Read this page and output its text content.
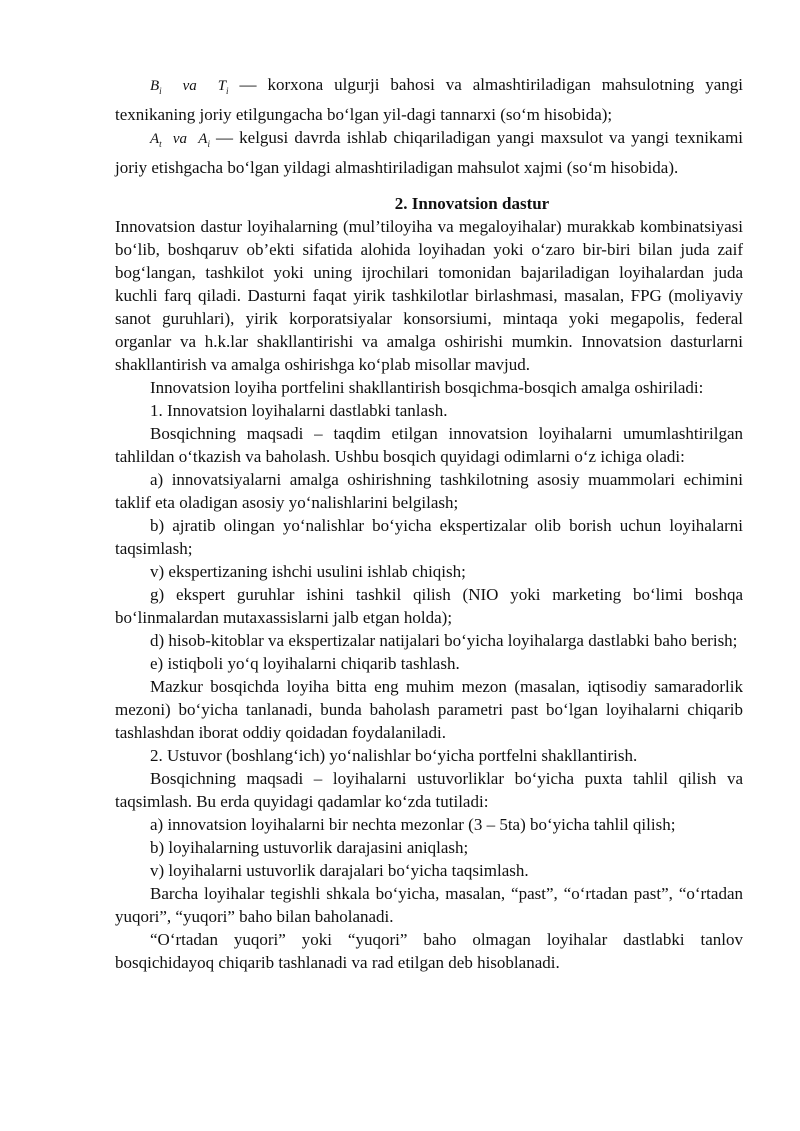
$B_i$ va $T_i$ — korxona ulgurji bahosi va almashtiriladigan mahsulotning yangi texnikaning joriy etilgungacha bo‘lgan yil-dagi tannarxi (so‘m hisobida);

$A_t$ va $A_i$ — kelgusi davrda ishlab chiqariladigan yangi maxsulot va yangi texnikami joriy etishgacha bo‘lgan yildagi almashtiriladigan mahsulot xajmi (so‘m hisobida).

2. Innovatsion dastur

Innovatsion dastur loyihalarning (mul’tiloyiha va megaloyihalar) murakkab kombinatsiyasi bo‘lib, boshqaruv ob’ekti sifatida alohida loyihadan yoki o‘zaro bir-biri bilan juda zaif bog‘langan, tashkilot yoki uning ijrochilari tomonidan bajariladigan loyihalardan juda kuchli farq qiladi. Dasturni faqat yirik tashkilotlar birlashmasi, masalan, FPG (moliyaviy sanot guruhlari), yirik korporatsiyalar konsorsiumi, mintaqa yoki megapolis, federal organlar va h.k.lar shakllantirishi va amalga oshirishi mumkin. Innovatsion dasturlarni shakllantirish va amalga oshirishga ko‘plab misollar mavjud.

Innovatsion loyiha portfelini shakllantirish bosqichma-bosqich amalga oshiriladi:

1. Innovatsion loyihalarni dastlabki tanlash.

Bosqichning maqsadi – taqdim etilgan innovatsion loyihalarni umumlashtirilgan tahlildan o‘tkazish va baholash. Ushbu bosqich quyidagi odimlarni o‘z ichiga oladi:

a) innovatsiyalarni amalga oshirishning tashkilotning asosiy muammolari echimini taklif eta oladigan asosiy yo‘nalishlarini belgilash;

b) ajratib olingan yo‘nalishlar bo‘yicha ekspertizalar olib borish uchun loyihalarni taqsimlash;

v) ekspertizaning ishchi usulini ishlab chiqish;

g) ekspert guruhlar ishini tashkil qilish (NIO yoki marketing bo‘limi boshqa bo‘linmalardan mutaxassislarni jalb etgan holda);

d) hisob-kitoblar va ekspertizalar natijalari bo‘yicha loyihalarga dastlabki baho berish;

e) istiqboli yo‘q loyihalarni chiqarib tashlash.

Mazkur bosqichda loyiha bitta eng muhim mezon (masalan, iqtisodiy samaradorlik mezoni) bo‘yicha tanlanadi, bunda baholash parametri past bo‘lgan loyihalarni chiqarib tashlashdan iborat oddiy qoidadan foydalaniladi.

2. Ustuvor (boshlang‘ich) yo‘nalishlar bo‘yicha portfelni shakllantirish.

Bosqichning maqsadi – loyihalarni ustuvorliklar bo‘yicha puxta tahlil qilish va taqsimlash. Bu erda quyidagi qadamlar ko‘zda tutiladi:

a) innovatsion loyihalarni bir nechta mezonlar (3 – 5ta) bo‘yicha tahlil qilish;

b) loyihalarning ustuvorlik darajasini aniqlash;

v) loyihalarni ustuvorlik darajalari bo‘yicha taqsimlash.

Barcha loyihalar tegishli shkala bo‘yicha, masalan, “past”, “o‘rtadan past”, “o‘rtadan yuqori”, “yuqori” baho bilan baholanadi.

“O‘rtadan yuqori” yoki “yuqori” baho olmagan loyihalar dastlabki tanlov bosqichidayoq chiqarib tashlanadi va rad etilgan deb hisoblanadi.
